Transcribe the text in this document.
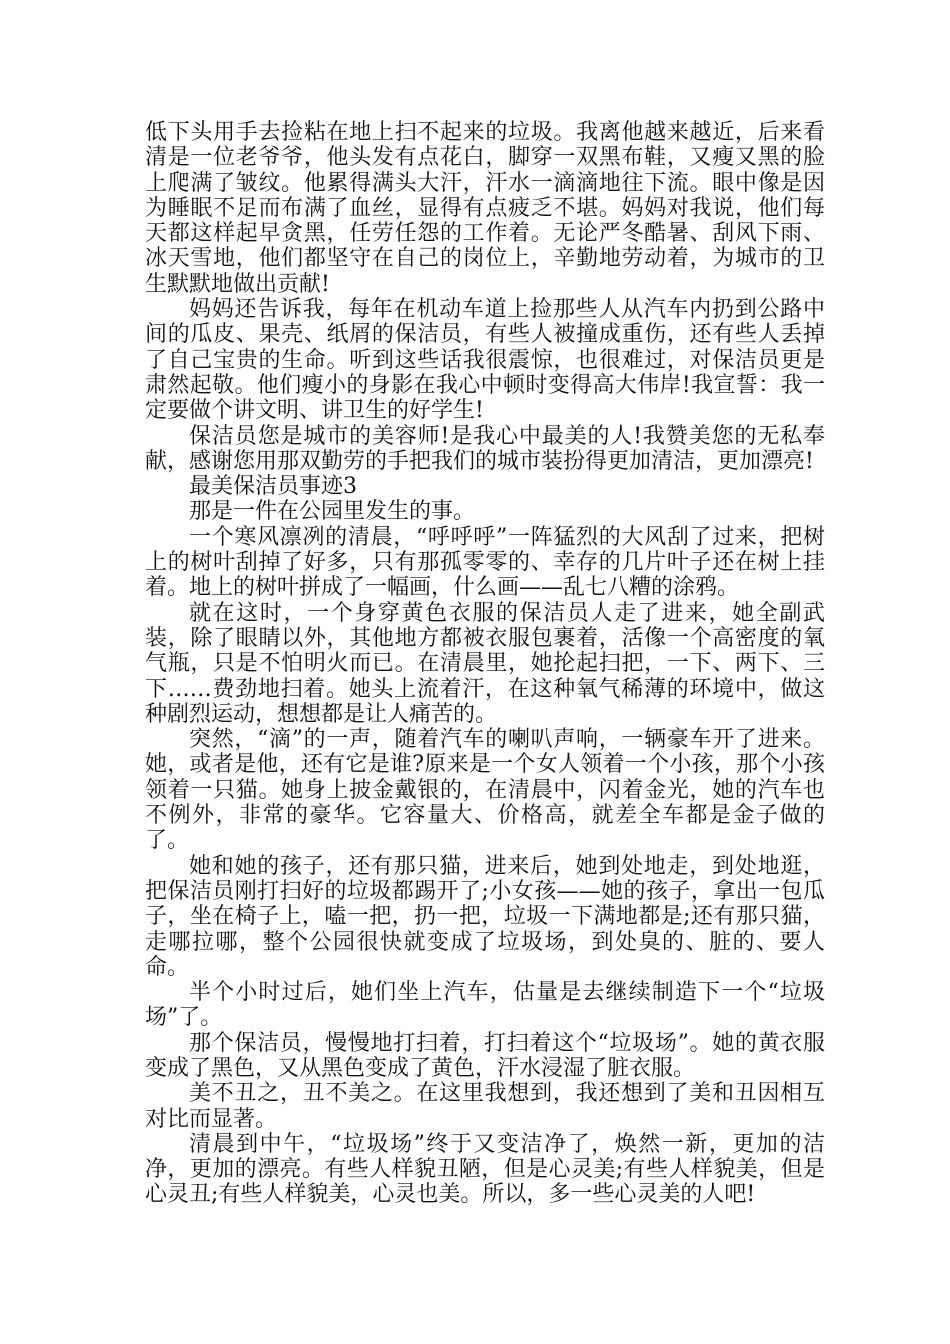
低下头用手去捡粘在地上扫不起来的垃圾。我离他越来越近，后来看清是一位老爷爷，他头发有点花白，脚穿一双黑布鞋，又瘦又黑的脸上爬满了皱纹。他累得满头大汗，汗水一滴滴地往下流。眼中像是因为睡眠不足而布满了血丝，显得有点疲乏不堪。妈妈对我说，他们每天都这样起早贪黑，任劳任怨的工作着。无论严冬酷暑、刮风下雨、冰天雪地，他们都坚守在自己的岗位上，辛勤地劳动着，为城市的卫生默默地做出贡献!

妈妈还告诉我，每年在机动车道上捡那些人从汽车内扔到公路中间的瓜皮、果壳、纸屑的保洁员，有些人被撞成重伤，还有些人丢掉了自己宝贵的生命。听到这些话我很震惊，也很难过，对保洁员更是肃然起敬。他们瘦小的身影在我心中顿时变得高大伟岸!我宣誓：我一定要做个讲文明、讲卫生的好学生!

保洁员您是城市的美容师!是我心中最美的人!我赞美您的无私奉献，感谢您用那双勤劳的手把我们的城市装扮得更加清洁，更加漂亮!

最美保洁员事迹3

那是一件在公园里发生的事。

一个寒风凛冽的清晨，“呼呼呼”一阵猛烈的大风刮了过来，把树上的树叶刮掉了好多，只有那孤零零的、幸存的几片叶子还在树上挂着。地上的树叶拼成了一幅画，什么画——乱七八糟的涂鸦。

就在这时，一个身穿黄色衣服的保洁员人走了进来，她全副武装，除了眼睛以外，其他地方都被衣服包裹着，活像一个高密度的氧气瓶，只是不怕明火而已。在清晨里，她抡起扫把，一下、两下、三下……费劲地扫着。她头上流着汗，在这种氧气稀薄的环境中，做这种剧烈运动，想想都是让人痛苦的。

突然，“滴”的一声，随着汽车的喇叭声响，一辆豪车开了进来。她，或者是他，还有它是谁?原来是一个女人领着一个小孩，那个小孩领着一只猫。她身上披金戴银的，在清晨中，闪着金光，她的汽车也不例外，非常的豪华。它容量大、价格高，就差全车都是金子做的了。

她和她的孩子，还有那只猫，进来后，她到处地走，到处地逛，把保洁员刚打扫好的垃圾都踢开了;小女孩——她的孩子，拿出一包瓜子，坐在椅子上，嗑一把，扔一把，垃圾一下满地都是;还有那只猫，走哪拉哪，整个公园很快就变成了垃圾场，到处臭的、脏的、要人命。

半个小时过后，她们坐上汽车，估量是去继续制造下一个“垃圾场”了。

那个保洁员，慢慢地打扫着，打扫着这个“垃圾场”。她的黄衣服变成了黑色，又从黑色变成了黄色，汗水浸湿了脏衣服。

美不丑之，丑不美之。在这里我想到，我还想到了美和丑因相互对比而显著。

清晨到中午，“垃圾场”终于又变洁净了，焕然一新，更加的洁净，更加的漂亮。有些人样貌丑陋，但是心灵美;有些人样貌美，但是心灵丑;有些人样貌美，心灵也美。所以，多一些心灵美的人吧!
